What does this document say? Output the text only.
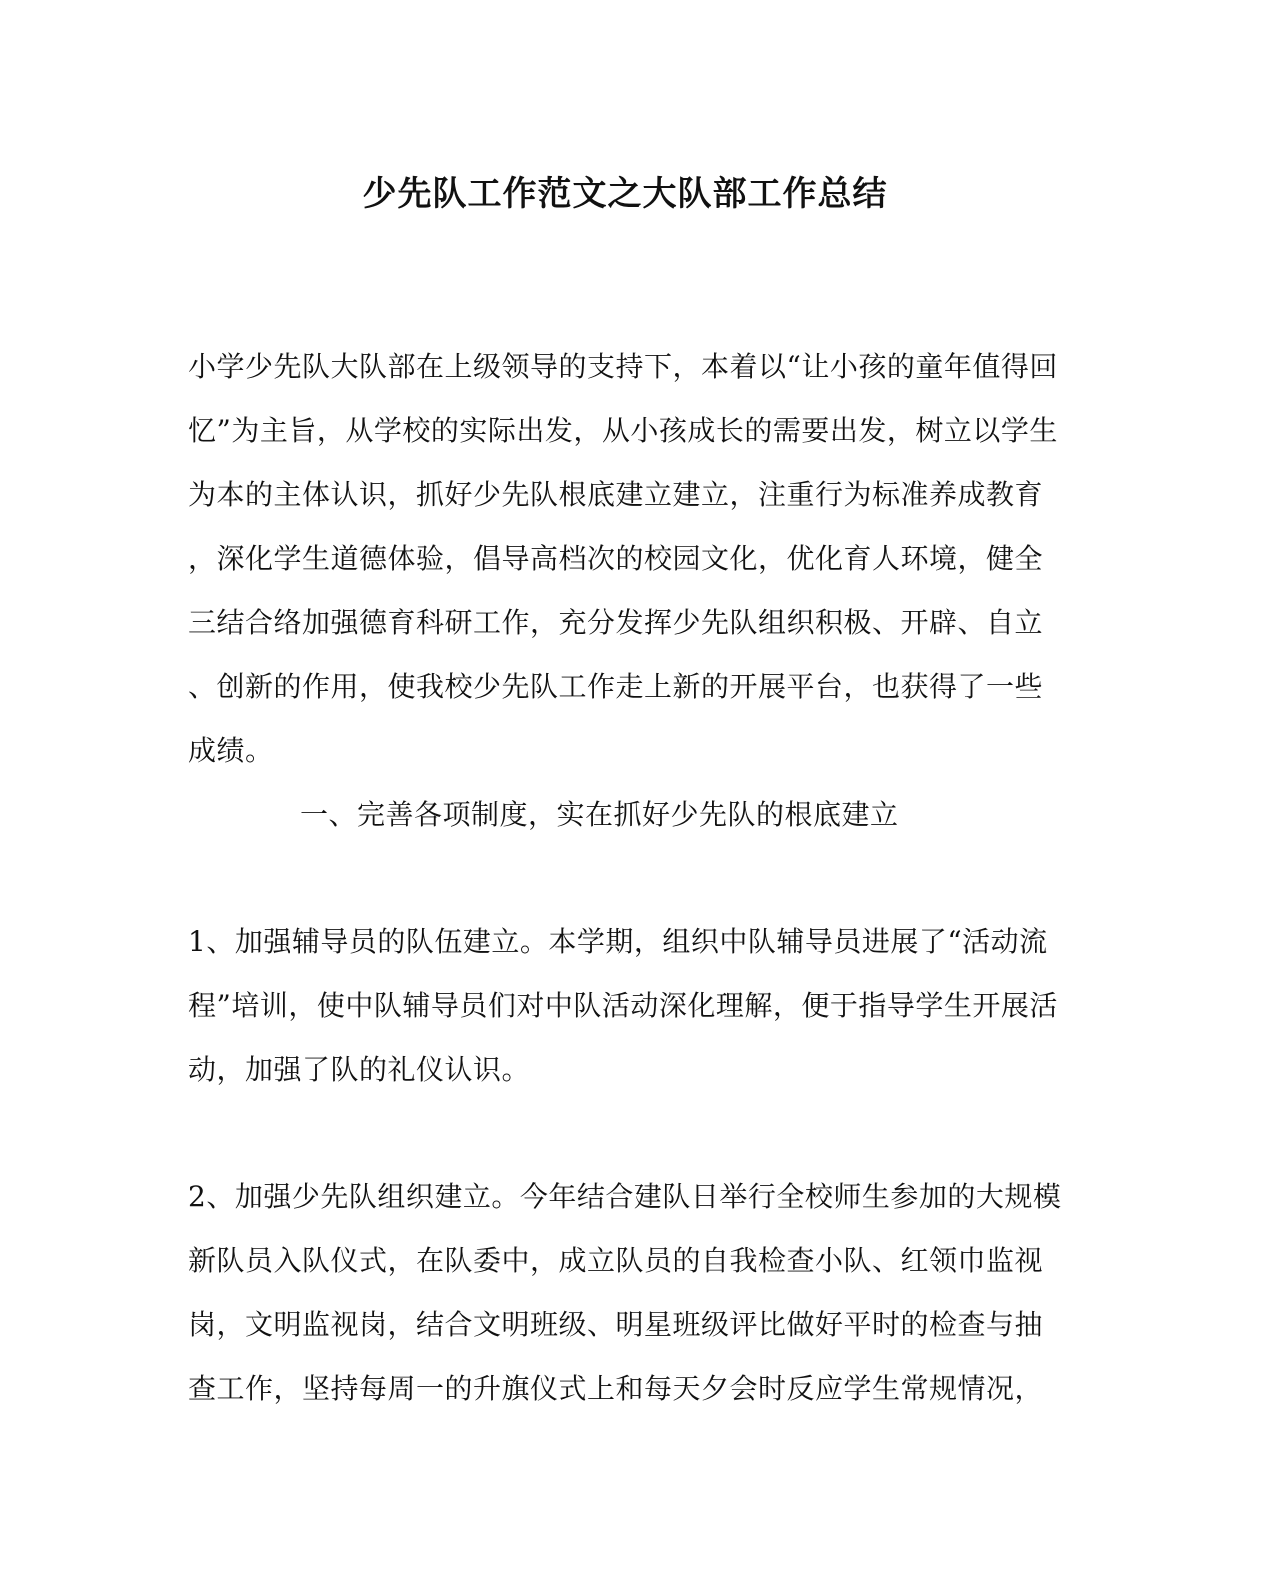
少先队工作范文之大队部工作总结
小学少先队大队部在上级领导的支持下，本着以“让小孩的童年值得回
忆”为主旨，从学校的实际出发，从小孩成长的需要出发，树立以学生
为本的主体认识，抓好少先队根底建立建立，注重行为标准养成教育
，深化学生道德体验，倡导高档次的校园文化，优化育人环境，健全
三结合络加强德育科研工作，充分发挥少先队组织积极、开辟、自立
、创新的作用，使我校少先队工作走上新的开展平台，也获得了一些
成绩。
一、完善各项制度，实在抓好少先队的根底建立
1、加强辅导员的队伍建立。本学期，组织中队辅导员进展了“活动流
程”培训，使中队辅导员们对中队活动深化理解，便于指导学生开展活
动，加强了队的礼仪认识。
2、加强少先队组织建立。今年结合建队日举行全校师生参加的大规模
新队员入队仪式，在队委中，成立队员的自我检查小队、红领巾监视
岗，文明监视岗，结合文明班级、明星班级评比做好平时的检查与抽
查工作，坚持每周一的升旗仪式上和每天夕会时反应学生常规情况，
